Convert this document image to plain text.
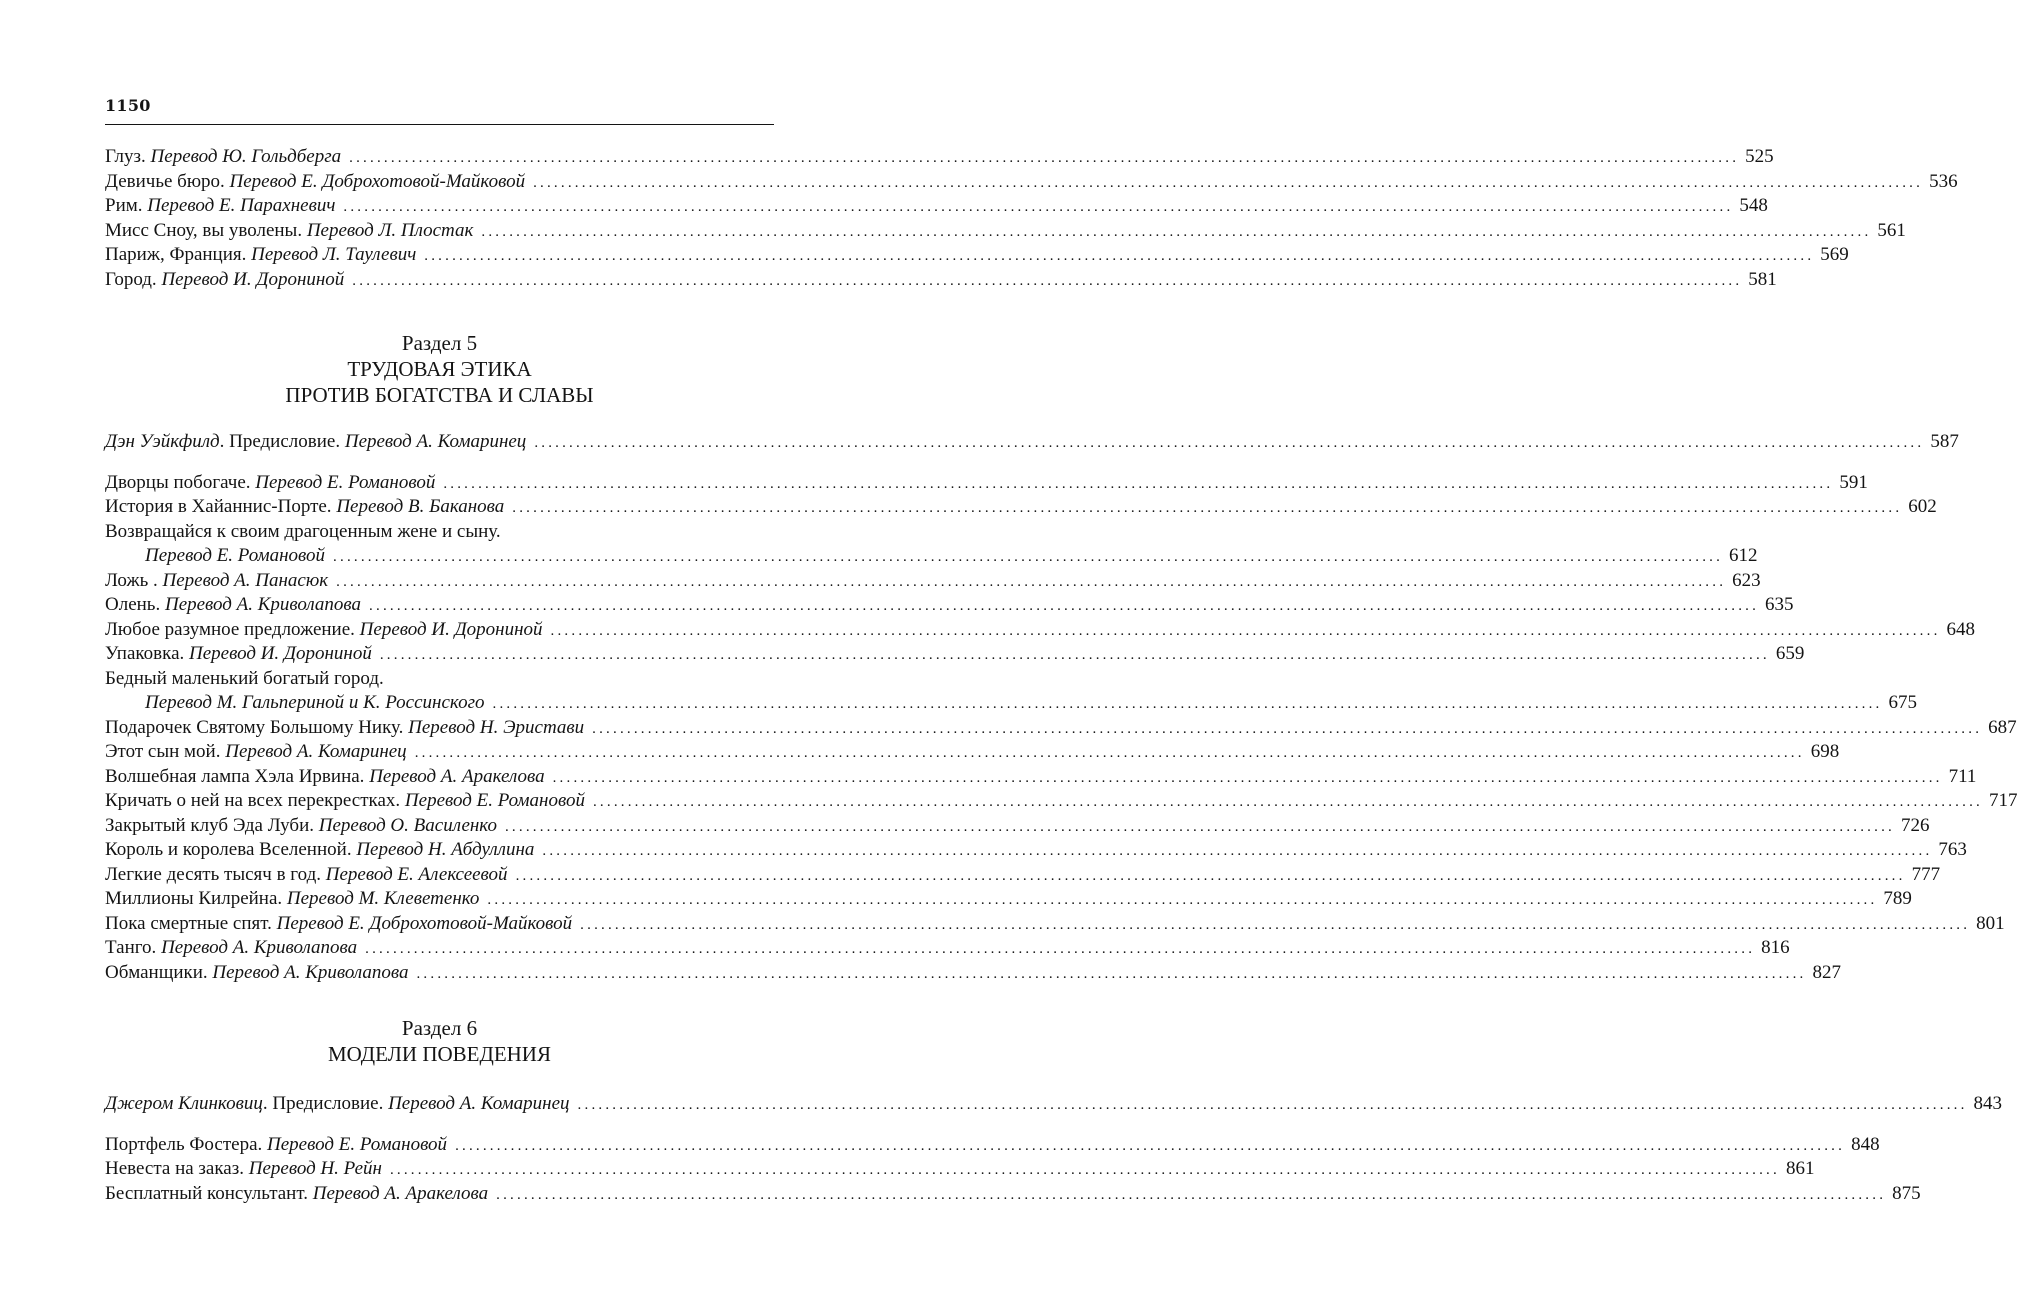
1150
Глуз. Перевод Ю. Гольдберга ........................................................................................................................................................................................................ 525
Девичье бюро. Перевод Е. Доброхотовой-Майковой ........................................................................................................................................................................................................ 536
Рим. Перевод Е. Парахневич ........................................................................................................................................................................................................ 548
Мисс Сноу, вы уволены. Перевод Л. Плостак ........................................................................................................................................................................................................ 561
Париж, Франция. Перевод Л. Таулевич ........................................................................................................................................................................................................ 569
Город. Перевод И. Дорониной ........................................................................................................................................................................................................ 581
Раздел 5
ТРУДОВАЯ ЭТИКА
ПРОТИВ БОГАТСТВА И СЛАВЫ
Дэн Уэйкфилд. Предисловие. Перевод А. Комаринец ........................................................................................................................................................................................................ 587
Дворцы побогаче. Перевод Е. Романовой ........................................................................................................................................................................................................ 591
История в Хайаннис-Порте. Перевод В. Баканова ........................................................................................................................................................................................................ 602
Возвращайся к своим драгоценным жене и сыну.
Перевод Е. Романовой ........................................................................................................................................................................................................ 612
Ложь . Перевод А. Панасюк ........................................................................................................................................................................................................ 623
Олень. Перевод А. Криволапова ........................................................................................................................................................................................................ 635
Любое разумное предложение. Перевод И. Дорониной ........................................................................................................................................................................................................ 648
Упаковка. Перевод И. Дорониной ........................................................................................................................................................................................................ 659
Бедный маленький богатый город.
Перевод М. Гальпериной и К. Россинского ........................................................................................................................................................................................................ 675
Подарочек Святому Большому Нику. Перевод Н. Эристави ........................................................................................................................................................................................................ 687
Этот сын мой. Перевод А. Комаринец ........................................................................................................................................................................................................ 698
Волшебная лампа Хэла Ирвина. Перевод А. Аракелова ........................................................................................................................................................................................................ 711
Кричать о ней на всех перекрестках. Перевод Е. Романовой ........................................................................................................................................................................................................ 717
Закрытый клуб Эда Луби. Перевод О. Василенко ........................................................................................................................................................................................................ 726
Король и королева Вселенной. Перевод Н. Абдуллина ........................................................................................................................................................................................................ 763
Легкие десять тысяч в год. Перевод Е. Алексеевой ........................................................................................................................................................................................................ 777
Миллионы Килрейна. Перевод М. Клеветенко ........................................................................................................................................................................................................ 789
Пока смертные спят. Перевод Е. Доброхотовой-Майковой ........................................................................................................................................................................................................ 801
Танго. Перевод А. Криволапова ........................................................................................................................................................................................................ 816
Обманщики. Перевод А. Криволапова ........................................................................................................................................................................................................ 827
Раздел 6
МОДЕЛИ ПОВЕДЕНИЯ
Джером Клинковиц. Предисловие. Перевод А. Комаринец ........................................................................................................................................................................................................ 843
Портфель Фостера. Перевод Е. Романовой ........................................................................................................................................................................................................ 848
Невеста на заказ. Перевод Н. Рейн ........................................................................................................................................................................................................ 861
Бесплатный консультант. Перевод А. Аракелова ........................................................................................................................................................................................................ 875
